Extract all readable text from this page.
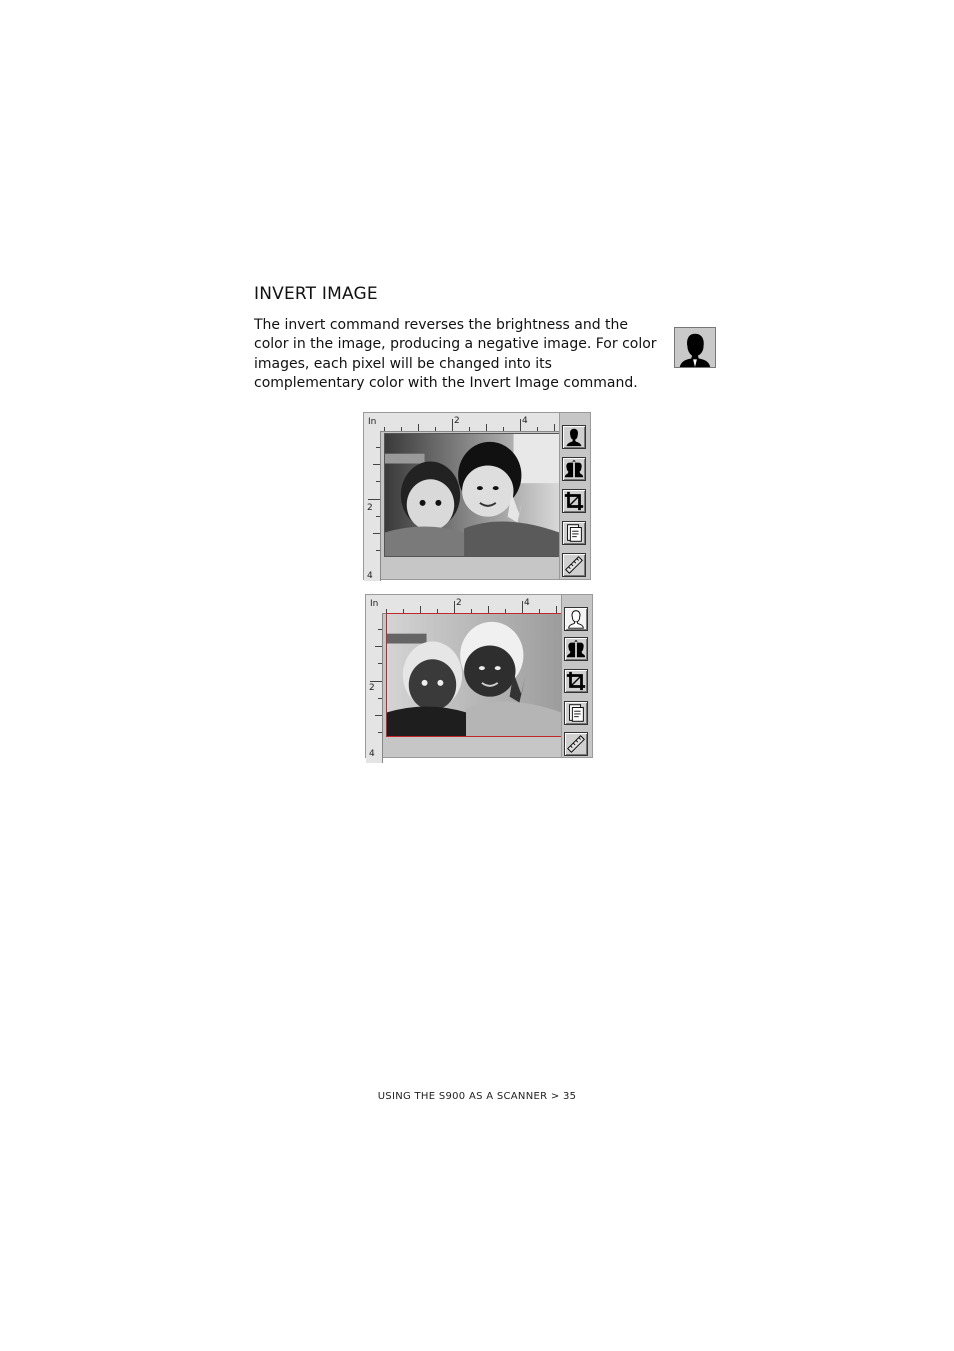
INVERT IMAGE
The invert command reverses the brightness and the color in the image, producing a negative image. For color images, each pixel will be changed into its complementary color with the Invert Image command.
In	2	4
2
4
In	2	4
2
4
USING THE S900 AS A SCANNER > 35
